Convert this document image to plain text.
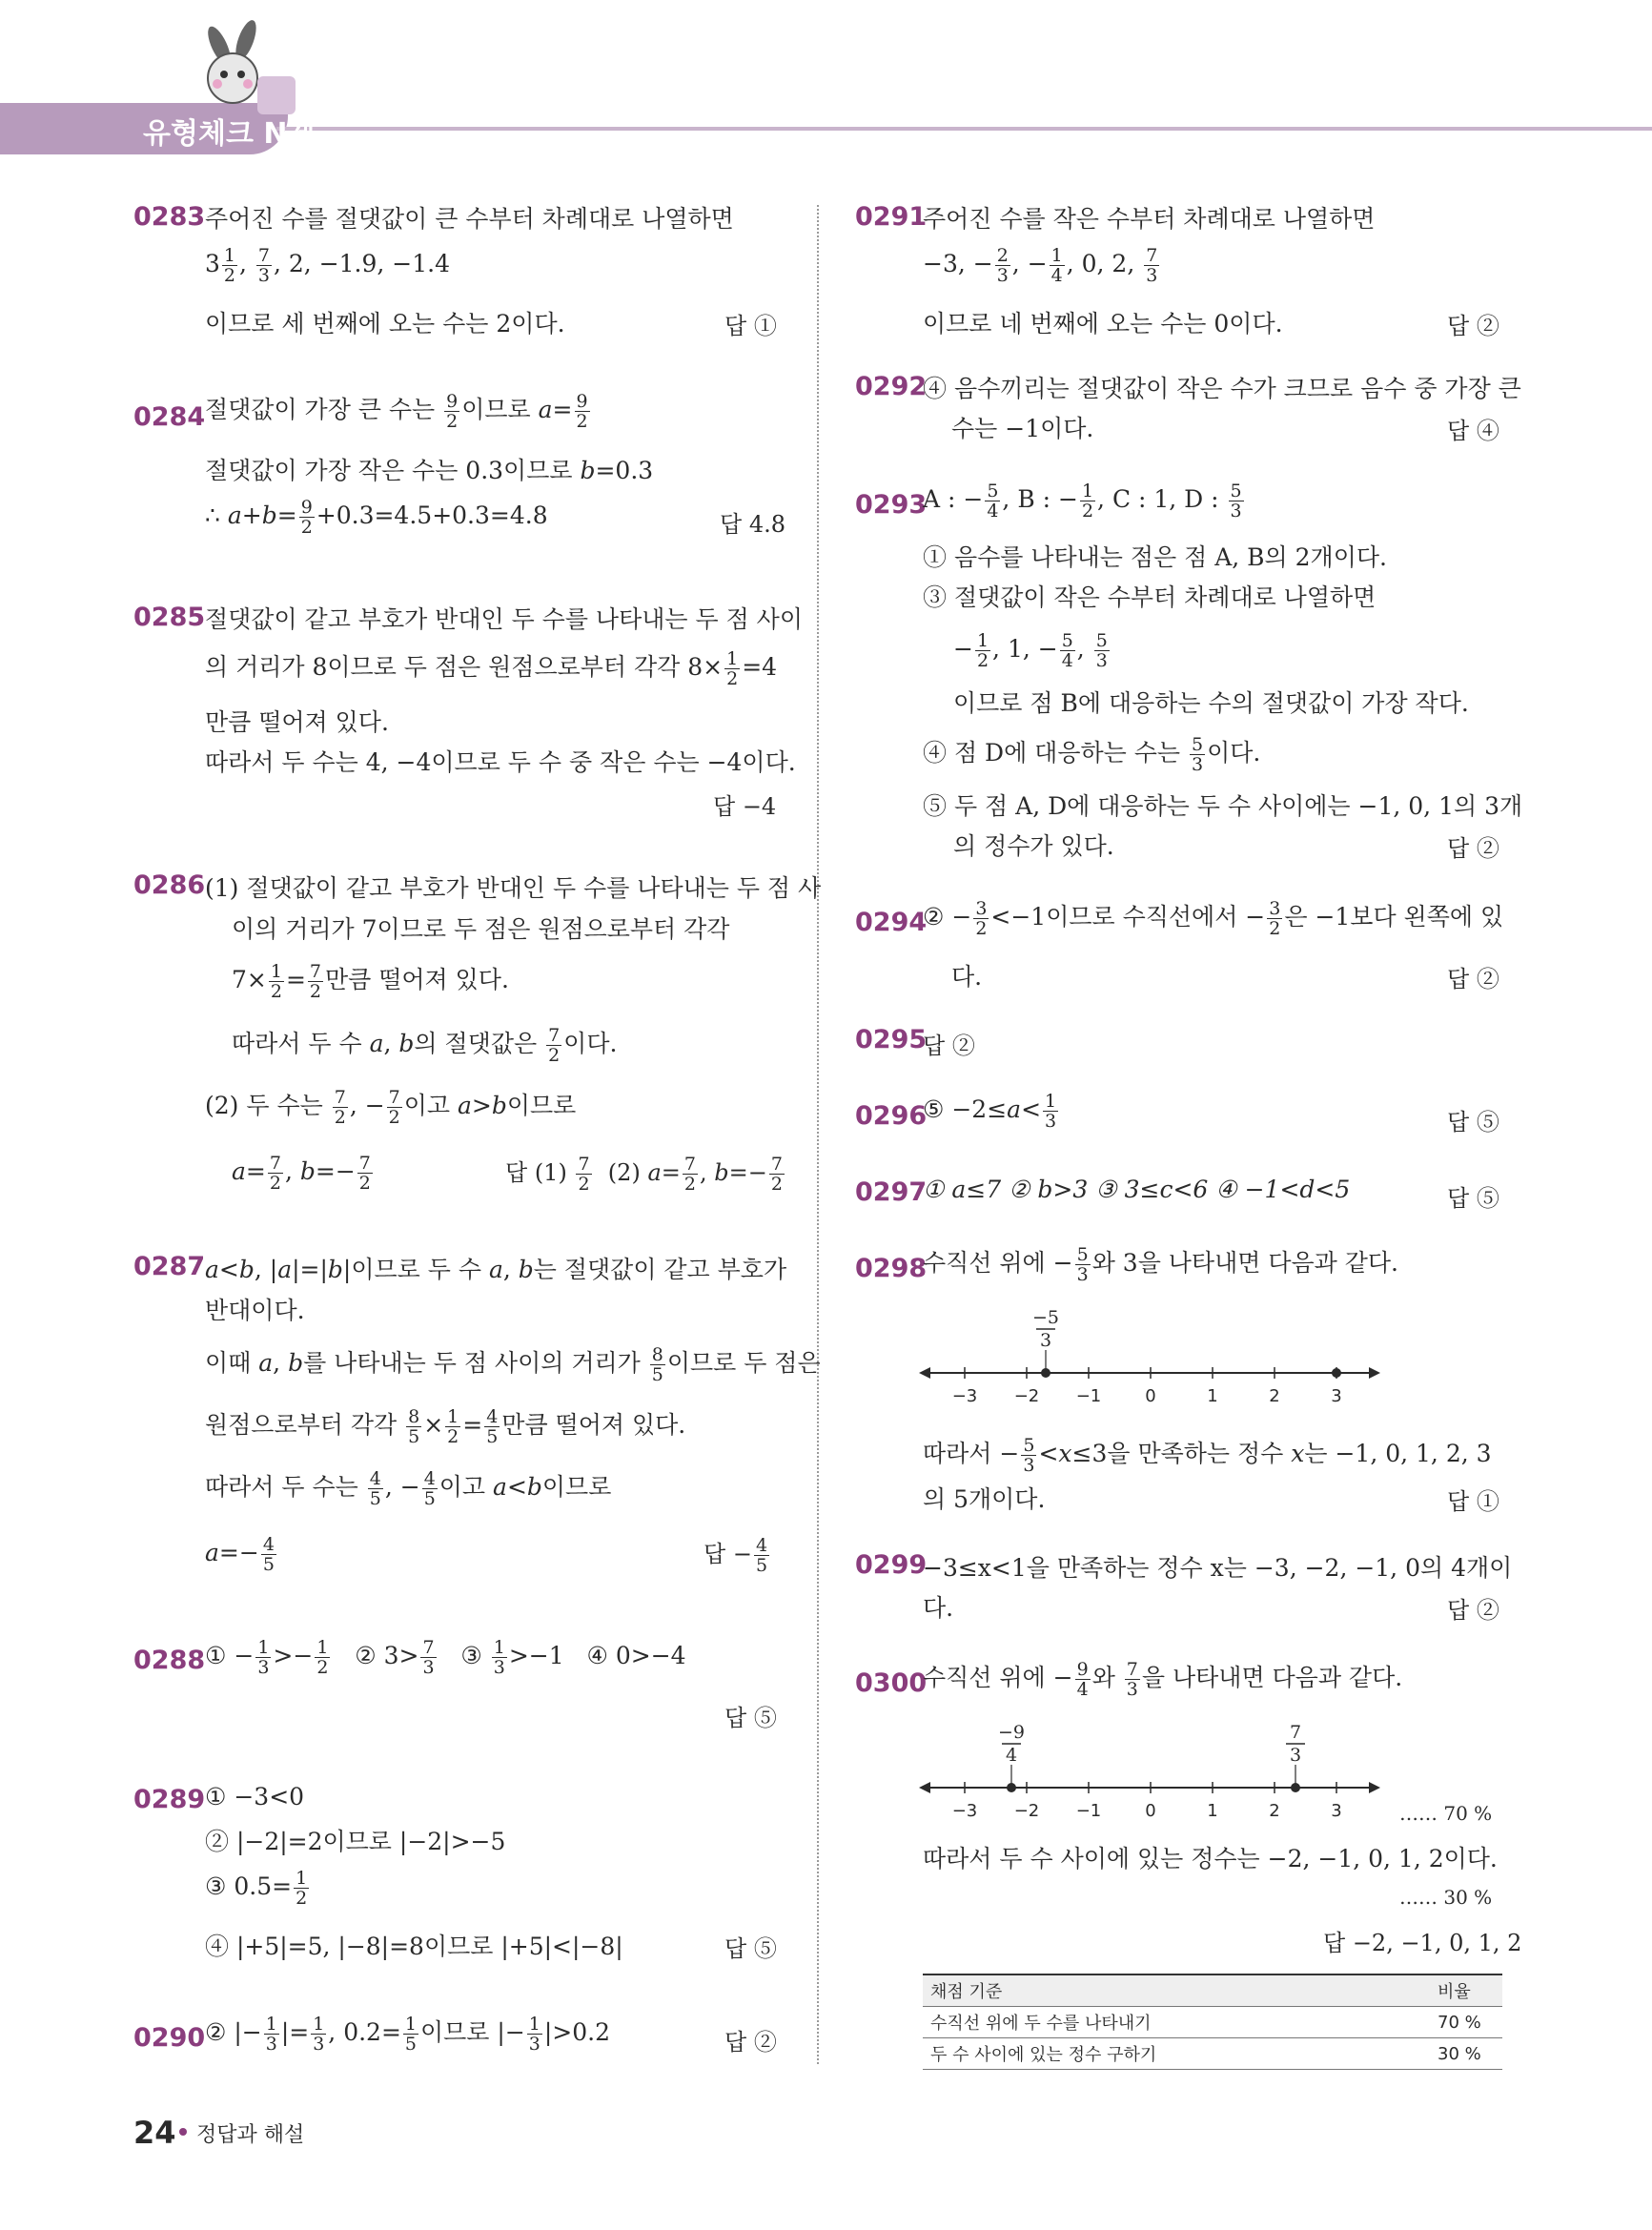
유형체크 N제
0283 주어진 수를 절댓값이 큰 수부터 차례대로 나열하면
$3 \frac{1}{2}$ , $\frac{7}{3}$ , 2, −1.9, −1.4
이므로 세 번째에 오는 수는 2이다.	답 ①
0284 절댓값이 가장 큰 수는 $\frac{9}{2}$ 이므로 $a= \frac{9}{2}$
절댓값이 가장 작은 수는 0.3이므로 b=0.3
∴ $a+b= \frac{9}{2} +0.3=4.5+0.3=4.8$	답 4.8
0285 절댓값이 같고 부호가 반대인 두 수를 나타내는 두 점 사이
의 거리가 8이므로 두 점은 원점으로부터 각각 $8\times \frac{1}{2} =4$
만큼 떨어져 있다.
따라서 두 수는 4, −4이므로 두 수 중 작은 수는 −4이다.
답 −4
0286 (1) 절댓값이 같고 부호가 반대인 두 수를 나타내는 두 점 사
이의 거리가 7이므로 두 점은 원점으로부터 각각
$7\times \frac{1}{2} = \frac{7}{2}$ 만큼 떨어져 있다.
따라서 두 수 a, b의 절댓값은 $\frac{7}{2}$ 이다.
(2) 두 수는 $\frac{7}{2}$ , − $\frac{7}{2}$ 이고 a>b이므로
$a= \frac{7}{2}$ , $b=- \frac{7}{2}$	답 $(1) \frac{7}{2} (2)$ $a= \frac{7}{2}$ , $b=- \frac{7}{2}$
0287 a<b, |a|=|b|이므로 두 수 a, b는 절댓값이 같고 부호가
반대이다.
이때 a, b를 나타내는 두 점 사이의 거리가 $\frac{8}{5}$ 이므로 두 점은
원점으로부터 각각 $\frac{8}{5} \times \frac{1}{2} = \frac{4}{5}$ 만큼 떨어져 있다.
따라서 두 수는 $\frac{4}{5}$ , − $\frac{4}{5}$ 이고 a<b이므로
$a=- \frac{4}{5}$	답 − $\frac{4}{5}$
0288 ① − $\frac{1}{3} >- \frac{1}{2}$ ② $3> \frac{7}{3}$ ③ $\frac{1}{3} >-1$   ④ 0>−4
답 ⑤
0289 ① −3<0
② |−2|=2이므로 |−2|>−5
③ $0.5= \frac{1}{2}$
④ |+5|=5, |−8|=8이므로 |+5|<|−8|	답 ⑤
0290 ② |− $\frac{1}{3}$ |= $\frac{1}{3}$ , $0.2= \frac{1}{5}$ 이므로 |− $\frac{1}{3} |>0.2$	답 ②
0291
주어진 수를 작은 수부터 차례대로 나열하면
−3, − $\frac{2}{3}$ , − $\frac{1}{4}$ , 0, 2, $\frac{7}{3}$
이므로 네 번째에 오는 수는 0이다.	답 ②
0292
④ 음수끼리는 절댓값이 작은 수가 크므로 음수 중 가장 큰
수는 −1이다.	답 ④
0293
A : − $\frac{5}{4}$ , B : − $\frac{1}{2}$ , C : 1, D : $\frac{5}{3}$
① 음수를 나타내는 점은 점 A, B의 2개이다.
③ 절댓값이 작은 수부터 차례대로 나열하면
− $\frac{1}{2}$ , 1, − $\frac{5}{4}$ , $\frac{5}{3}$
이므로 점 B에 대응하는 수의 절댓값이 가장 작다.
④ 점 D에 대응하는 수는 $\frac{5}{3}$ 이다.
⑤ 두 점 A, D에 대응하는 두 수 사이에는 −1, 0, 1의 3개
의 정수가 있다.	답 ②
0294
② − $\frac{3}{2} <-1$이므로 수직선에서 − $\frac{3}{2}$ 은 −1보다 왼쪽에 있
다.	답 ②
0295
답 ②
0296
⑤ $-2\le a< \frac{1}{3}$	답 ⑤
0297
① a≤7 ② b>3 ③ 3≤c<6 ④ −1<d<5	답 ⑤
0298
수직선 위에 − $\frac{5}{3}$ 와 3을 나타내면 다음과 같다.
−5
3
−3 −2 −1	0	1	2	3
따라서 − $\frac{5}{3} <x\le 3$을 만족하는 정수 x는 −1, 0, 1, 2, 3
의 5개이다.	답 ①
0299
−3≤x<1을 만족하는 정수 x는 −3, −2, −1, 0의 4개이
다.	답 ②
0300
수직선 위에 − $\frac{9}{4}$ 와 $\frac{7}{3}$ 을 나타내면 다음과 같다.
−9
4
7
3
−3 −2 −1	0	1	2	3	…… 70 %
따라서 두 수 사이에 있는 정수는 −2, −1, 0, 1, 2이다.
…… 30 %
답 −2, −1, 0, 1, 2
채점 기준	비율
수직선 위에 두 수를 나타내기	70 %
두 수 사이에 있는 정수 구하기	30 %
24 정답과 해설
